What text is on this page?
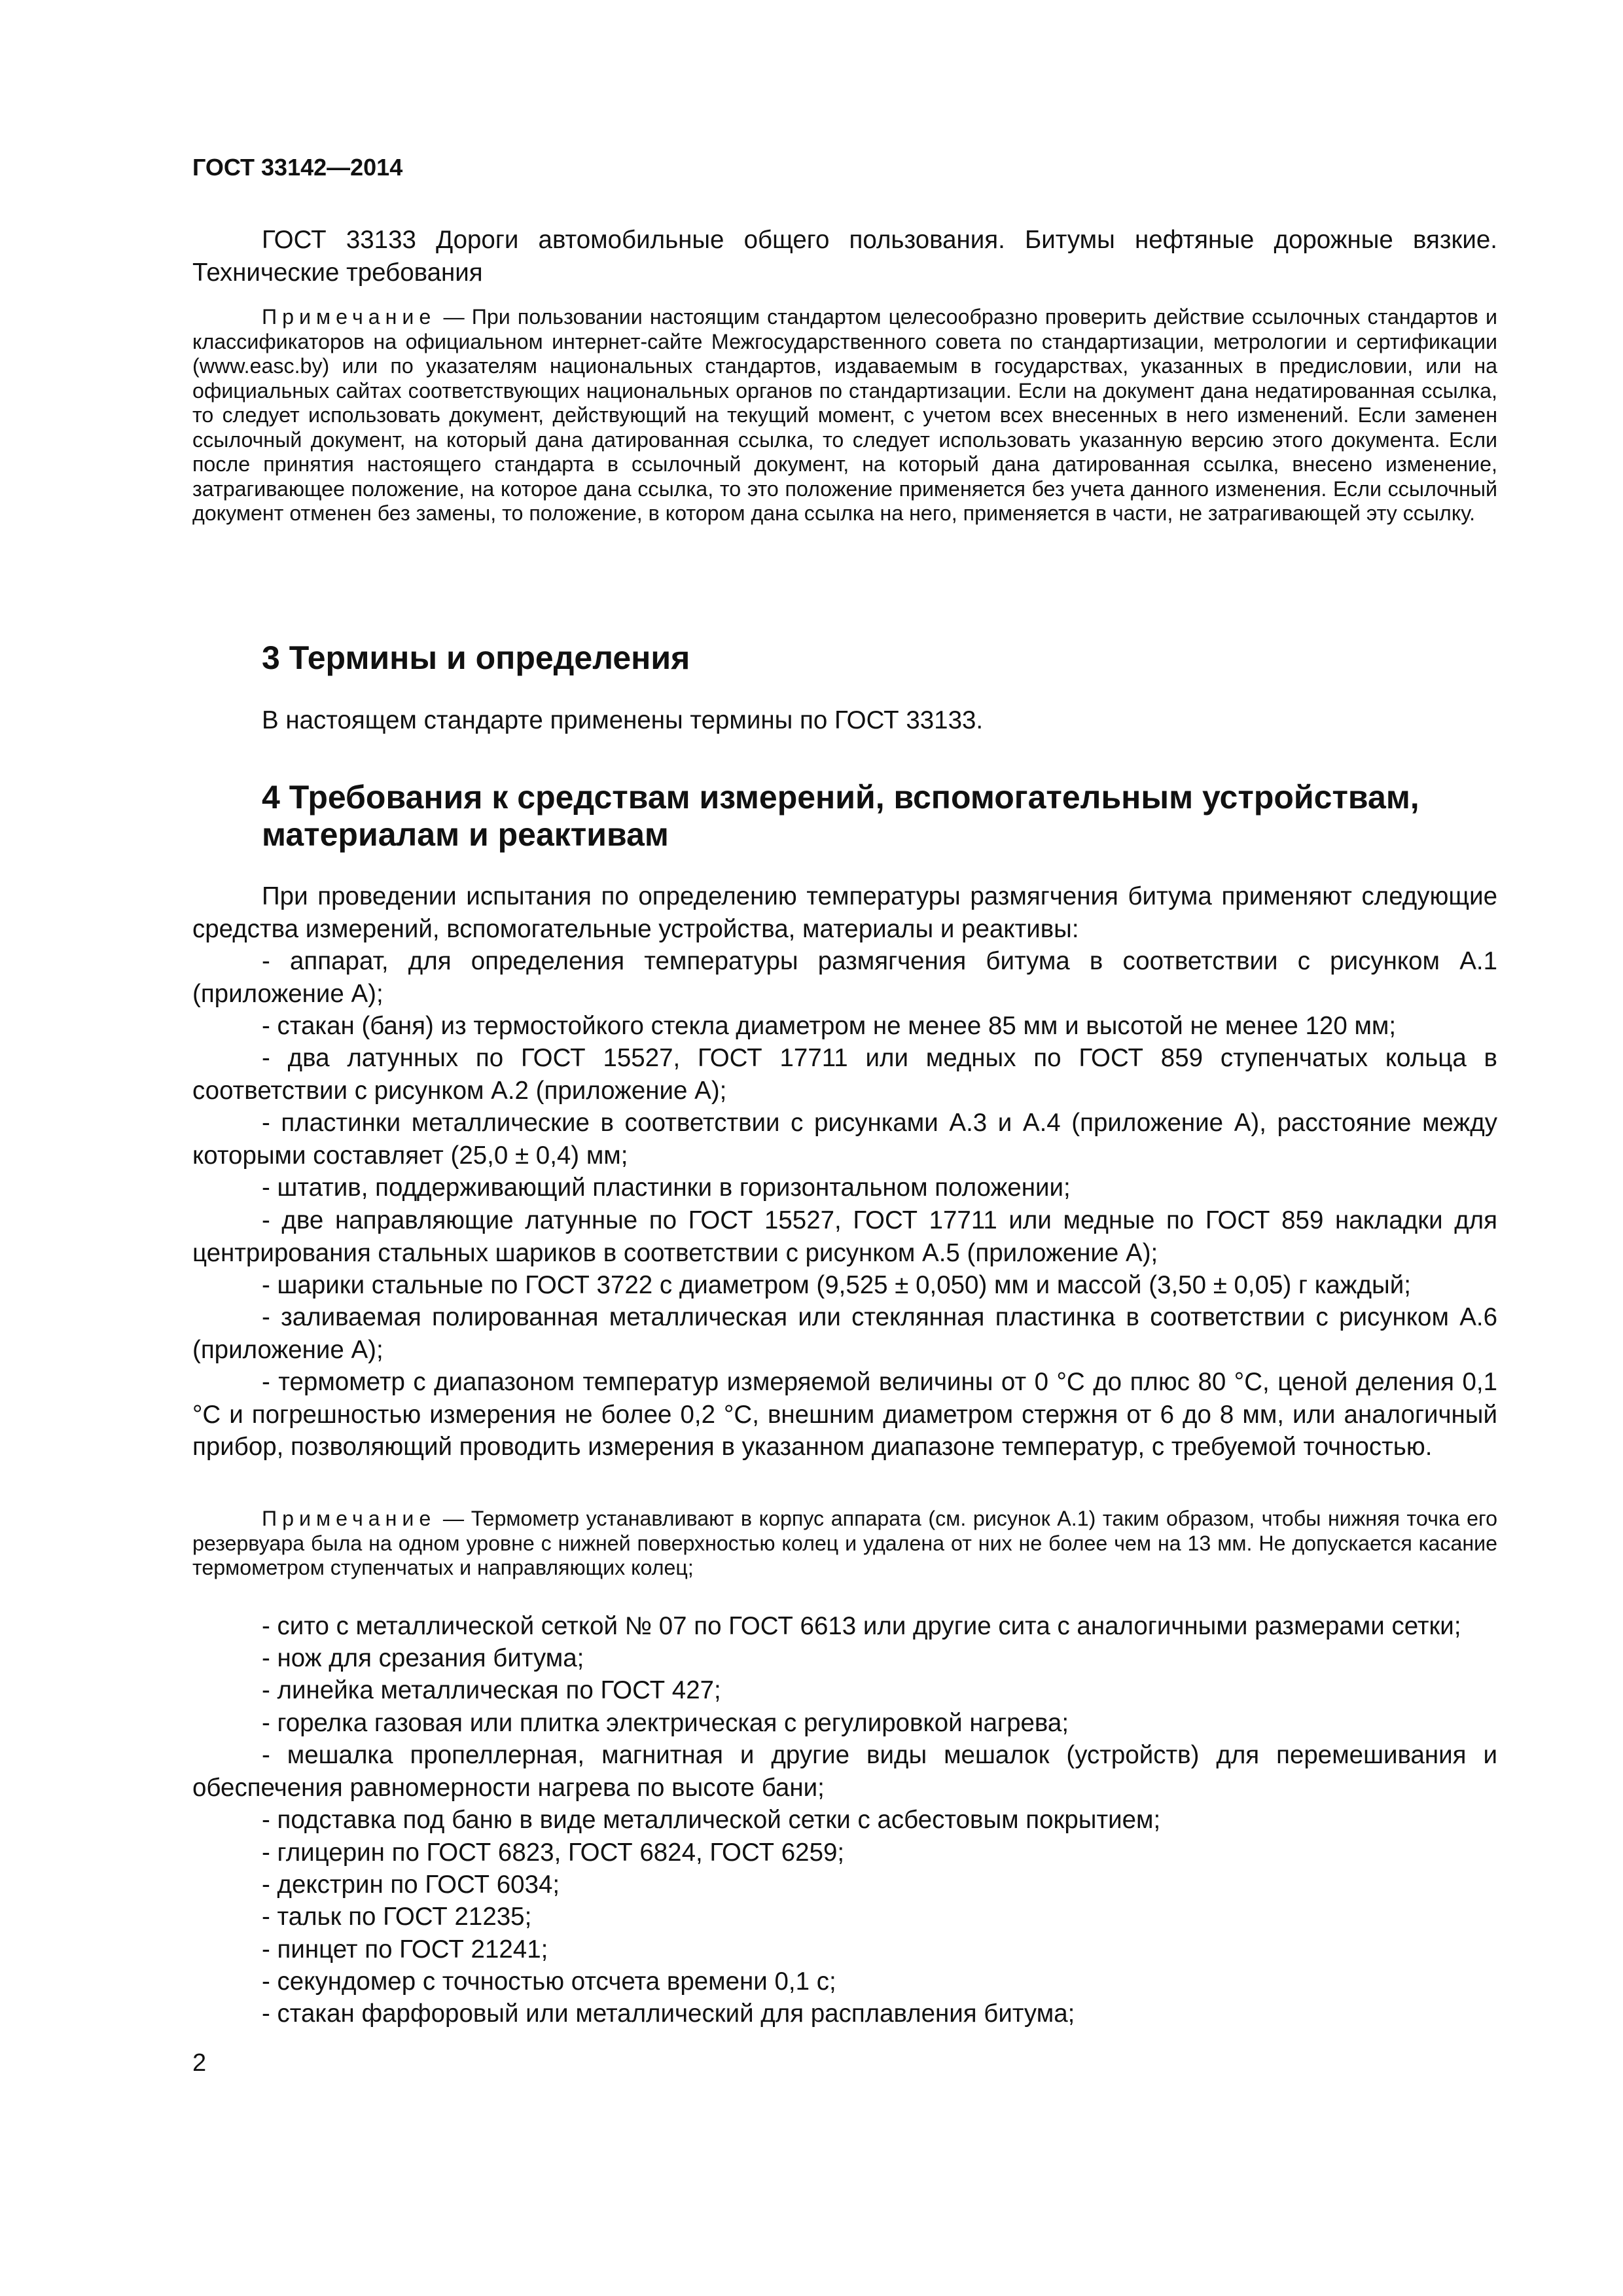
ГОСТ 33142—2014

ГОСТ 33133 Дороги автомобильные общего пользования. Битумы нефтяные дорожные вязкие. Технические требования

Примечание — При пользовании настоящим стандартом целесообразно проверить действие ссылочных стандартов и классификаторов на официальном интернет-сайте Межгосударственного совета по стандартизации, метрологии и сертификации (www.easc.by) или по указателям национальных стандартов, издаваемым в государствах, указанных в предисловии, или на официальных сайтах соответствующих национальных органов по стандартизации. Если на документ дана недатированная ссылка, то следует использовать документ, действующий на текущий момент, с учетом всех внесенных в него изменений. Если заменен ссылочный документ, на который дана датированная ссылка, то следует использовать указанную версию этого документа. Если после принятия настоящего стандарта в ссылочный документ, на который дана датированная ссылка, внесено изменение, затрагивающее положение, на которое дана ссылка, то это положение применяется без учета данного изменения. Если ссылочный документ отменен без замены, то положение, в котором дана ссылка на него, применяется в части, не затрагивающей эту ссылку.

3 Термины и определения

В настоящем стандарте применены термины по ГОСТ 33133.

4 Требования к средствам измерений, вспомогательным устройствам, материалам и реактивам

При проведении испытания по определению температуры размягчения битума применяют следующие средства измерений, вспомогательные устройства, материалы и реактивы:

- аппарат, для определения температуры размягчения битума в соответствии с рисунком А.1 (приложение А);

- стакан (баня) из термостойкого стекла диаметром не менее 85 мм и высотой не менее 120 мм;

- два латунных по ГОСТ 15527, ГОСТ 17711 или медных по ГОСТ 859 ступенчатых кольца в соответствии с рисунком А.2 (приложение А);

- пластинки металлические в соответствии с рисунками А.3 и А.4 (приложение А), расстояние между которыми составляет (25,0 ± 0,4) мм;

- штатив, поддерживающий пластинки в горизонтальном положении;

- две направляющие латунные по ГОСТ 15527, ГОСТ 17711 или медные по ГОСТ 859 накладки для центрирования стальных шариков в соответствии с рисунком А.5 (приложение А);

- шарики стальные по ГОСТ 3722 с диаметром (9,525 ± 0,050) мм и массой (3,50 ± 0,05) г каждый;

- заливаемая полированная металлическая или стеклянная пластинка в соответствии с рисунком А.6 (приложение А);

- термометр с диапазоном температур измеряемой величины от 0 °С до плюс 80 °С, ценой деления 0,1 °С и погрешностью измерения не более 0,2 °С, внешним диаметром стержня от 6 до 8 мм, или аналогичный прибор, позволяющий проводить измерения в указанном диапазоне температур, с требуемой точностью.

Примечание — Термометр устанавливают в корпус аппарата (см. рисунок А.1) таким образом, чтобы нижняя точка его резервуара была на одном уровне с нижней поверхностью колец и удалена от них не более чем на 13 мм. Не допускается касание термометром ступенчатых и направляющих колец;

- сито с металлической сеткой № 07 по ГОСТ 6613 или другие сита с аналогичными размерами сетки;

- нож для срезания битума;

- линейка металлическая по ГОСТ 427;

- горелка газовая или плитка электрическая с регулировкой нагрева;

- мешалка пропеллерная, магнитная и другие виды мешалок (устройств) для перемешивания и обеспечения равномерности нагрева по высоте бани;

- подставка под баню в виде металлической сетки с асбестовым покрытием;

- глицерин по ГОСТ 6823, ГОСТ 6824, ГОСТ 6259;

- декстрин по ГОСТ 6034;

- тальк по ГОСТ 21235;

- пинцет по ГОСТ 21241;

- секундомер с точностью отсчета времени 0,1 с;

- стакан фарфоровый или металлический для расплавления битума;

2
